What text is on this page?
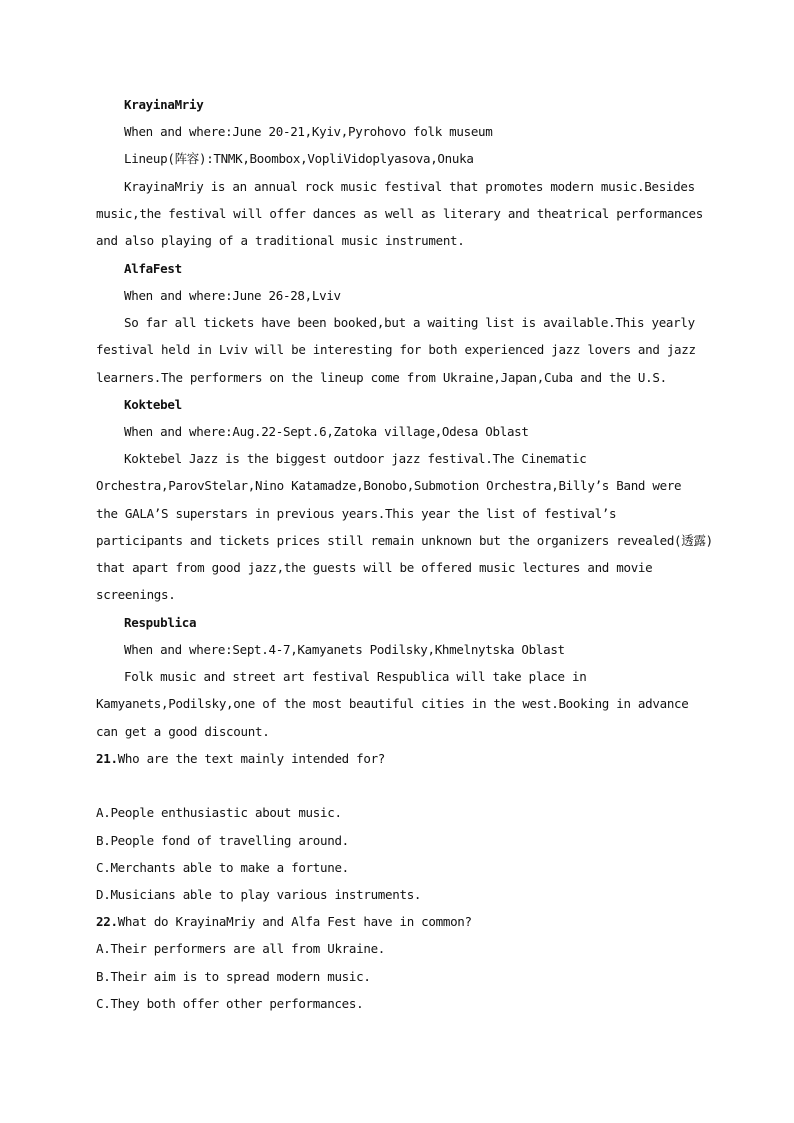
KrayinaMriy
When and where:June 20-21,Kyiv,Pyrohovo folk museum
Lineup(阵容):TNMK,Boombox,VopliVidoplyasova,Onuka
KrayinaMriy is an annual rock music festival that promotes modern music.Besides
music,the festival will offer dances as well as literary and theatrical performances
and also playing of a traditional music instrument.
AlfaFest
When and where:June 26-28,Lviv
So far all tickets have been booked,but a waiting list is available.This yearly
festival held in Lviv will be interesting for both experienced jazz lovers and jazz
learners.The performers on the lineup come from Ukraine,Japan,Cuba and the U.S.
Koktebel
When and where:Aug.22-Sept.6,Zatoka village,Odesa Oblast
Koktebel Jazz is the biggest outdoor jazz festival.The Cinematic
Orchestra,ParovStelar,Nino Katamadze,Bonobo,Submotion Orchestra,Billy’s Band were
the GALA’S superstars in previous years.This year the list of festival’s
participants and tickets prices still remain unknown but the organizers revealed(透露)
that apart from good jazz,the guests will be offered music lectures and movie
screenings.
Respublica
When and where:Sept.4-7,Kamyanets Podilsky,Khmelnytska Oblast
Folk music and street art festival Respublica will take place in
Kamyanets,Podilsky,one of the most beautiful cities in the west.Booking in advance
can get a good discount.
21.Who are the text mainly intended for?
A.People enthusiastic about music.
B.People fond of travelling around.
C.Merchants able to make a fortune.
D.Musicians able to play various instruments.
22.What do KrayinaMriy and Alfa Fest have in common?
A.Their performers are all from Ukraine.
B.Their aim is to spread modern music.
C.They both offer other performances.
